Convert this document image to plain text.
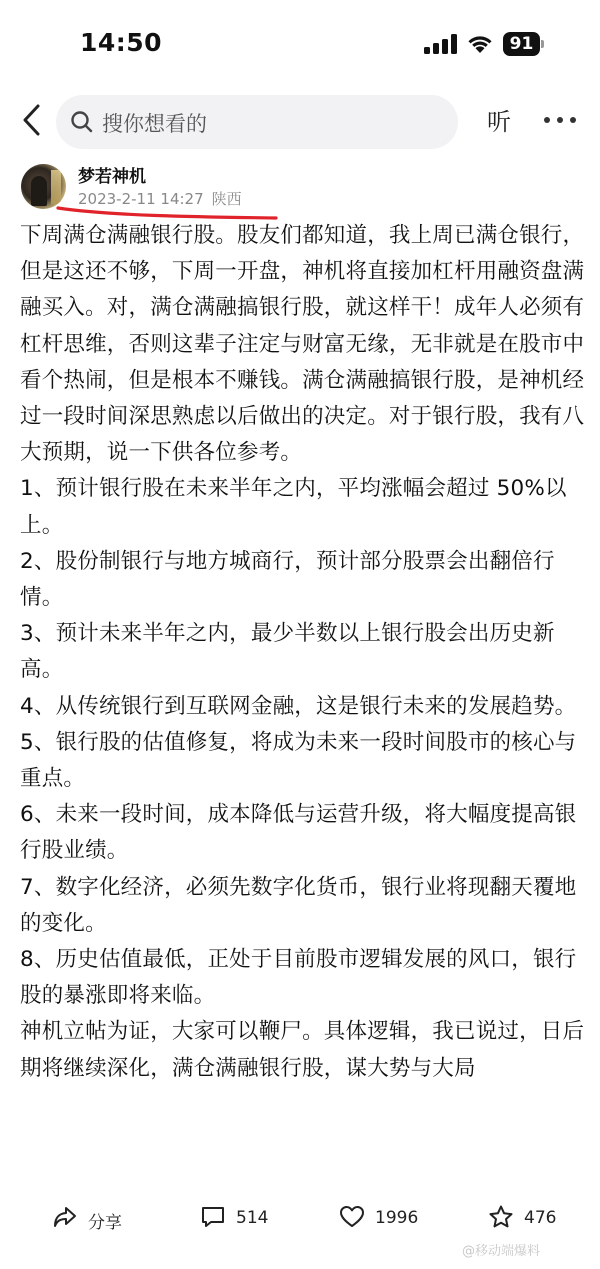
14:50	91
搜你想看的	听
梦若神机
2023-2-11 14:27 陕西

下周满仓满融银行股。股友们都知道，我上周已满仓银行，但是这还不够，下周一开盘，神机将直接加杠杆用融资盘满融买入。对，满仓满融搞银行股，就这样干！成年人必须有杠杆思维，否则这辈子注定与财富无缘，无非就是在股市中看个热闹，但是根本不赚钱。满仓满融搞银行股，是神机经过一段时间深思熟虑以后做出的决定。对于银行股，我有八大预期，说一下供各位参考。

1、预计银行股在未来半年之内，平均涨幅会超过 50%以上。

2、股份制银行与地方城商行，预计部分股票会出翻倍行情。

3、预计未来半年之内，最少半数以上银行股会出历史新高。

4、从传统银行到互联网金融，这是银行未来的发展趋势。

5、银行股的估值修复，将成为未来一段时间股市的核心与重点。

6、未来一段时间，成本降低与运营升级，将大幅度提高银行股业绩。

7、数字化经济，必须先数字化货币，银行业将现翻天覆地的变化。

8、历史估值最低，正处于目前股市逻辑发展的风口，银行股的暴涨即将来临。

神机立帖为证，大家可以鞭尸。具体逻辑，我已说过，日后期将继续深化，满仓满融银行股，谋大势与大局

分享	514	1996	476
@移动端爆料
